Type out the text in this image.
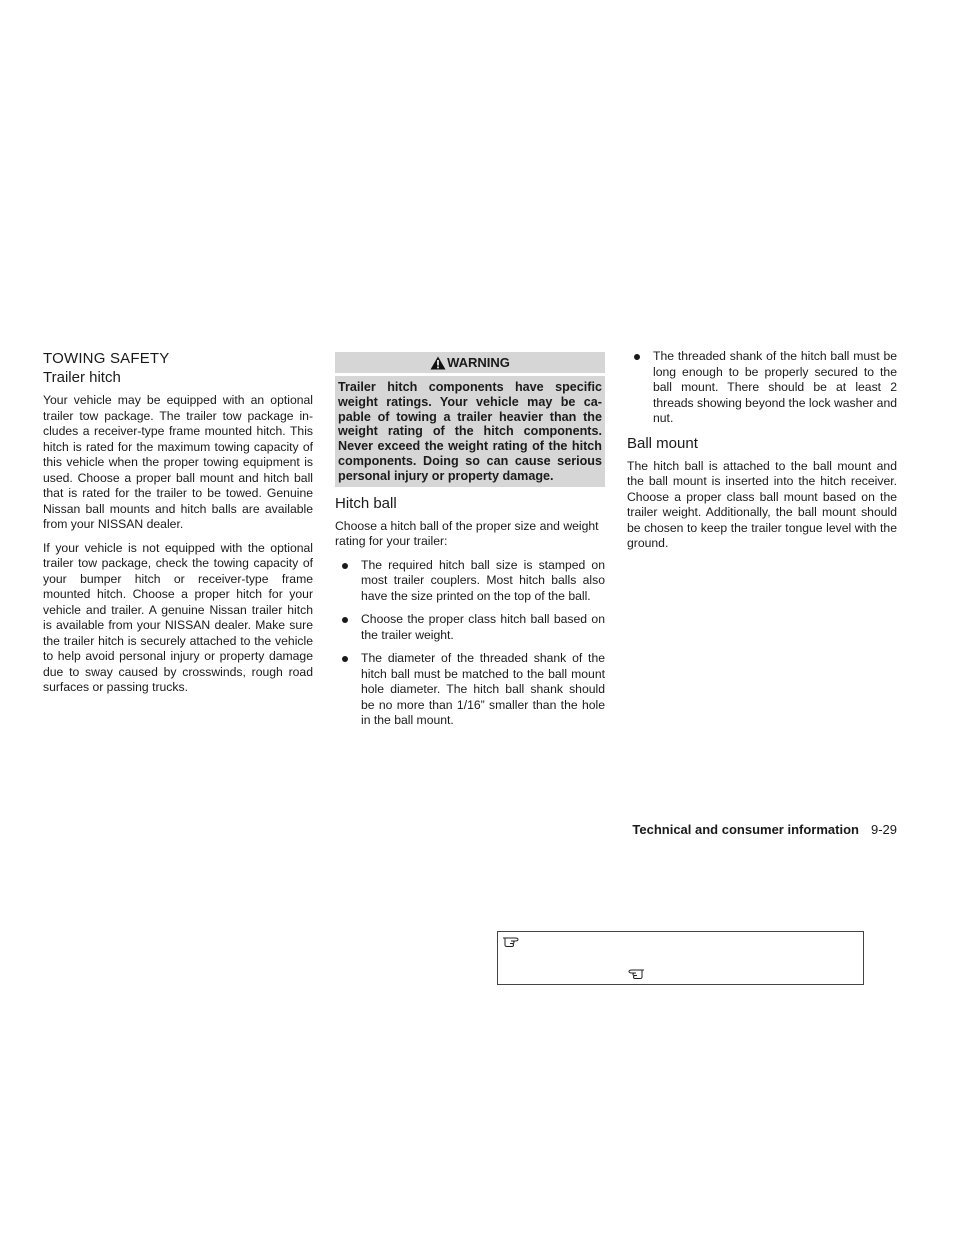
TOWING SAFETY
Trailer hitch

Your vehicle may be equipped with an optional trailer tow package. The trailer tow package in-cludes a receiver-type frame mounted hitch. This hitch is rated for the maximum towing capacity of this vehicle when the proper towing equipment is used. Choose a proper ball mount and hitch ball that is rated for the trailer to be towed. Genuine Nissan ball mounts and hitch balls are available from your NISSAN dealer.

If your vehicle is not equipped with the optional trailer tow package, check the towing capacity of your bumper hitch or receiver-type frame mounted hitch. Choose a proper hitch for your vehicle and trailer. A genuine Nissan trailer hitch is available from your NISSAN dealer. Make sure the trailer hitch is securely attached to the vehicle to help avoid personal injury or property damage due to sway caused by crosswinds, rough road surfaces or passing trucks.

WARNING
Trailer hitch components have specific weight ratings. Your vehicle may be ca-pable of towing a trailer heavier than the weight rating of the hitch components. Never exceed the weight rating of the hitch components. Doing so can cause serious personal injury or property damage.
Hitch ball

Choose a hitch ball of the proper size and weight rating for your trailer:

The required hitch ball size is stamped on most trailer couplers. Most hitch balls also have the size printed on the top of the ball.
Choose the proper class hitch ball based on the trailer weight.
The diameter of the threaded shank of the hitch ball must be matched to the ball mount hole diameter. The hitch ball shank should be no more than 1/16” smaller than the hole in the ball mount.
The threaded shank of the hitch ball must be long enough to be properly secured to the ball mount. There should be at least 2 threads showing beyond the lock washer and nut.
Ball mount

The hitch ball is attached to the ball mount and the ball mount is inserted into the hitch receiver. Choose a proper class ball mount based on the trailer weight. Additionally, the ball mount should be chosen to keep the trailer tongue level with the ground.

Technical and consumer information 9-29
